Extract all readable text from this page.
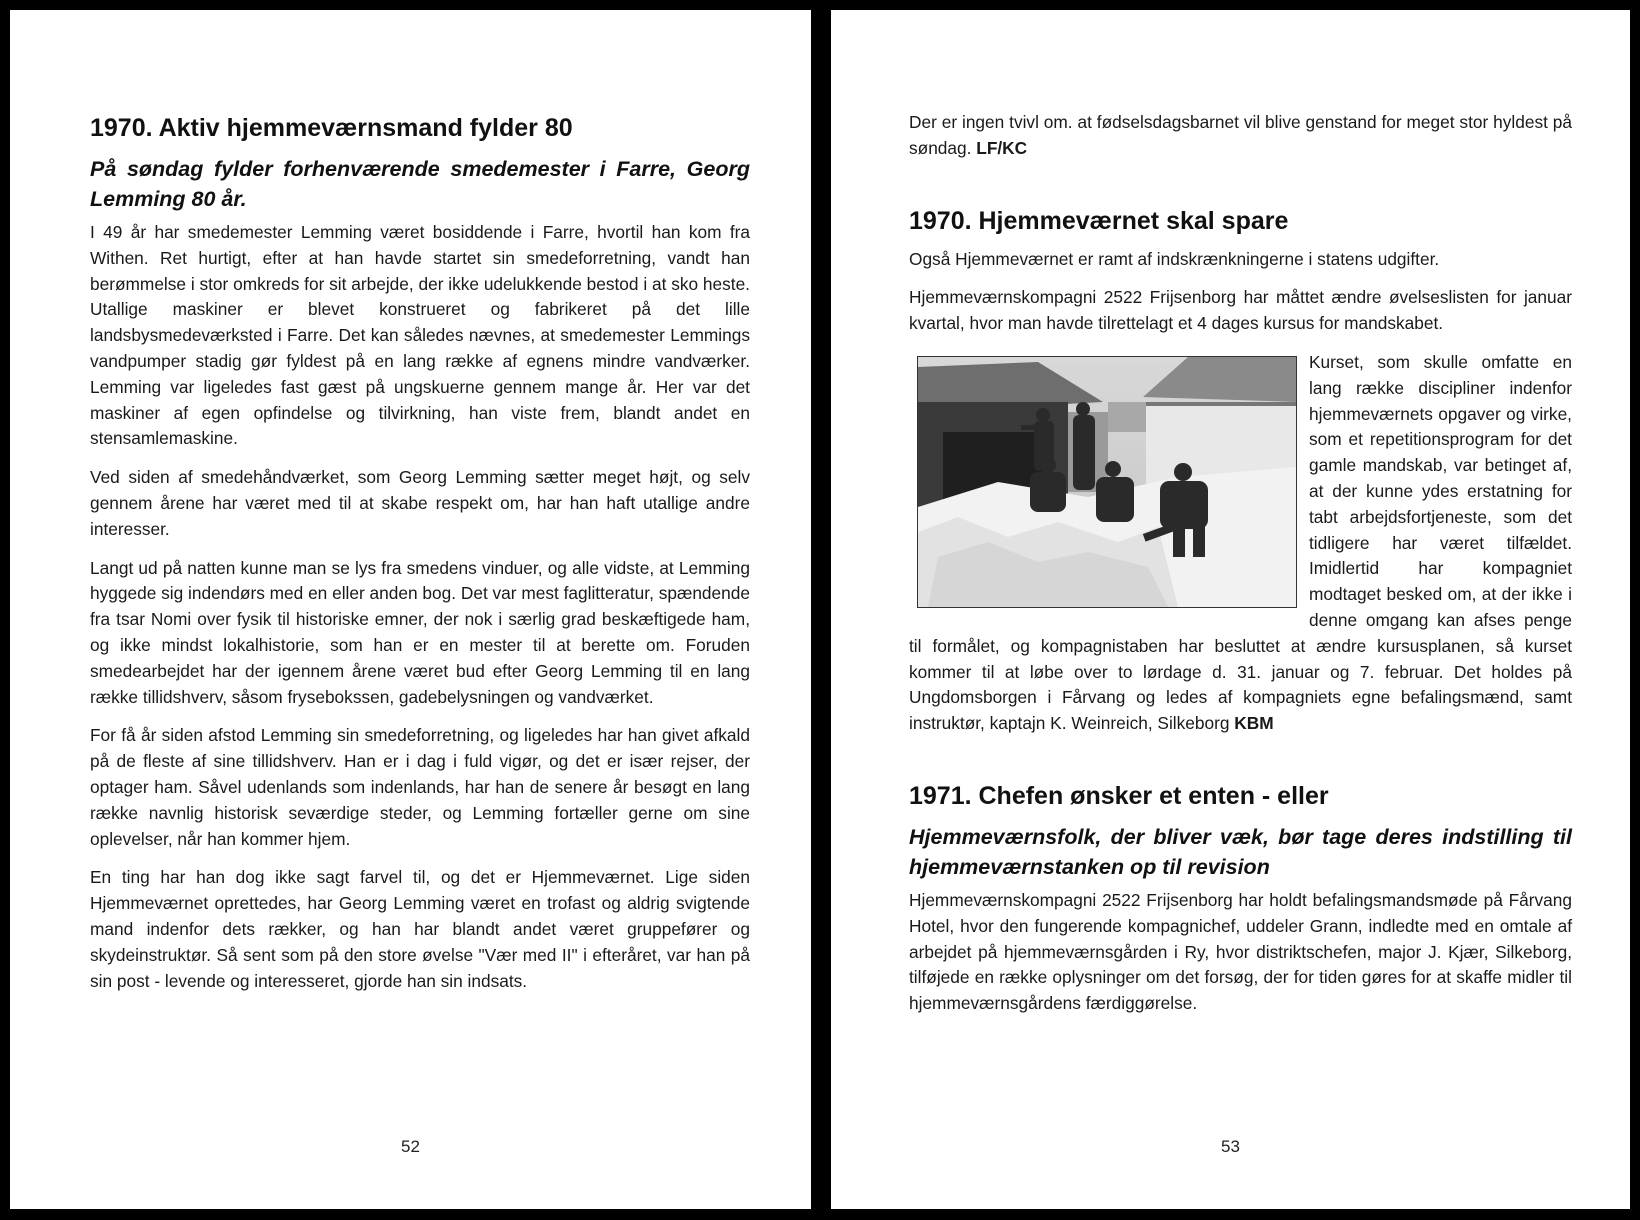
1970. Aktiv hjemmeværnsmand fylder 80
På søndag fylder forhenværende smedemester i Farre, Georg Lemming 80 år.

I 49 år har smedemester Lemming været bosiddende i Farre, hvortil han kom fra Withen. Ret hurtigt, efter at han havde startet sin smedeforretning, vandt han berømmelse i stor omkreds for sit arbejde, der ikke udelukkende bestod i at sko heste. Utallige maskiner er blevet konstrueret og fabrikeret på det lille landsbysmedeværksted i Farre. Det kan således nævnes, at smedemester Lemmings vandpumper stadig gør fyldest på en lang række af egnens mindre vandværker. Lemming var ligeledes fast gæst på ungskuerne gennem mange år. Her var det maskiner af egen opfindelse og tilvirkning, han viste frem, blandt andet en stensamlemaskine.

Ved siden af smedehåndværket, som Georg Lemming sætter meget højt, og selv gennem årene har været med til at skabe respekt om, har han haft utallige andre interesser.

Langt ud på natten kunne man se lys fra smedens vinduer, og alle vidste, at Lemming hyggede sig indendørs med en eller anden bog. Det var mest faglitteratur, spændende fra tsar Nomi over fysik til historiske emner, der nok i særlig grad beskæftigede ham, og ikke mindst lokalhistorie, som han er en mester til at berette om. Foruden smedearbejdet har der igennem årene været bud efter Georg Lemming til en lang række tillidshverv, såsom frysebokssen, gadebelysningen og vandværket.

For få år siden afstod Lemming sin smedeforretning, og ligeledes har han givet afkald på de fleste af sine tillidshverv. Han er i dag i fuld vigør, og det er især rejser, der optager ham. Såvel udenlands som indenlands, har han de senere år besøgt en lang række navnlig historisk seværdige steder, og Lemming fortæller gerne om sine oplevelser, når han kommer hjem.

En ting har han dog ikke sagt farvel til, og det er Hjemmeværnet. Lige siden Hjemmeværnet oprettedes, har Georg Lemming været en trofast og aldrig svigtende mand indenfor dets rækker, og han har blandt andet været gruppefører og skydeinstruktør. Så sent som på den store øvelse "Vær med II" i efteråret, var han på sin post - levende og interesseret, gjorde han sin indsats.

52

Der er ingen tvivl om. at fødselsdagsbarnet vil blive genstand for meget stor hyldest på søndag. LF/KC

1970. Hjemmeværnet skal spare

Også Hjemmeværnet er ramt af indskrænkningerne i statens udgifter.

Hjemmeværnskompagni 2522 Frijsenborg har måttet ændre øvelseslisten for januar kvartal, hvor man havde tilrettelagt et 4 dages kursus for mandskabet.

Kurset, som skulle omfatte en lang række discipliner indenfor hjemmeværnets opgaver og virke, som et repetitionsprogram for det gamle mandskab, var betinget af, at der kunne ydes erstatning for tabt arbejdsfortjeneste, som det tidligere har været tilfældet. Imidlertid har kompagniet modtaget besked om, at der ikke i denne omgang kan afses penge til formålet, og kompagnistaben har besluttet at ændre kursusplanen, så kurset kommer til at løbe over to lørdage d. 31. januar og 7. februar. Det holdes på Ungdomsborgen i Fårvang og ledes af kompagniets egne befalingsmænd, samt instruktør, kaptajn K. Weinreich, Silkeborg KBM

1971. Chefen ønsker et enten - eller
Hjemmeværnsfolk, der bliver væk, bør tage deres indstilling til hjemmeværnstanken op til revision

Hjemmeværnskompagni 2522 Frijsenborg har holdt befalingsmandsmøde på Fårvang Hotel, hvor den fungerende kompagnichef, uddeler Grann, indledte med en omtale af arbejdet på hjemmeværnsgården i Ry, hvor distriktschefen, major J. Kjær, Silkeborg, tilføjede en række oplysninger om det forsøg, der for tiden gøres for at skaffe midler til hjemmeværnsgårdens færdiggørelse.

53
